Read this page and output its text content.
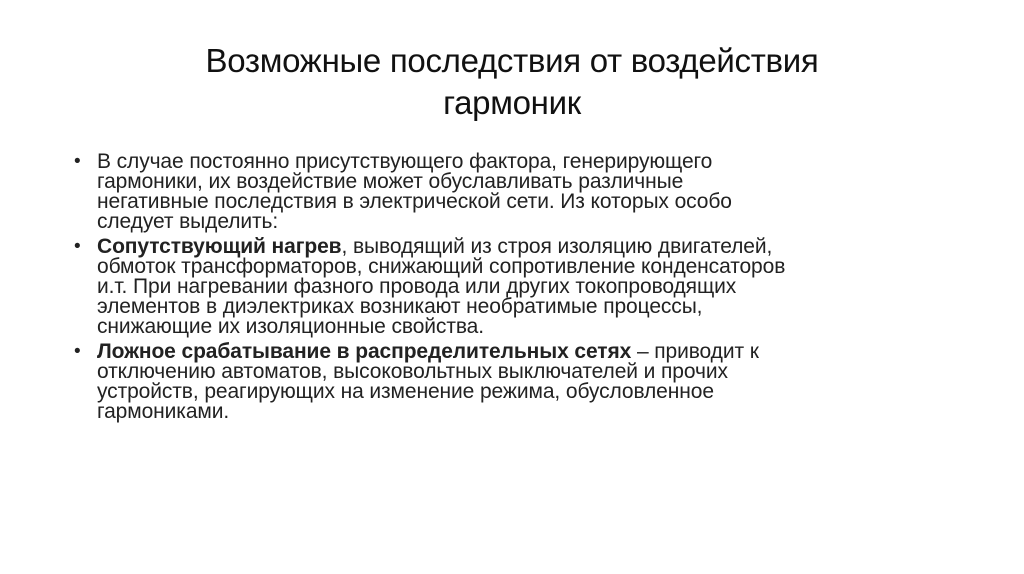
Возможные последствия от воздействия
гармоник
• В случае постоянно присутствующего фактора, генерирующего
гармоники, их воздействие может обуславливать различные
негативные последствия в электрической сети. Из которых особо
следует выделить:
• Сопутствующий нагрев, выводящий из строя изоляцию двигателей,
обмоток трансформаторов, снижающий сопротивление конденсаторов
и.т. При нагревании фазного провода или других токопроводящих
элементов в диэлектриках возникают необратимые процессы,
снижающие их изоляционные свойства.
• Ложное срабатывание в распределительных сетях – приводит к
отключению автоматов, высоковольтных выключателей и прочих
устройств, реагирующих на изменение режима, обусловленное
гармониками.
